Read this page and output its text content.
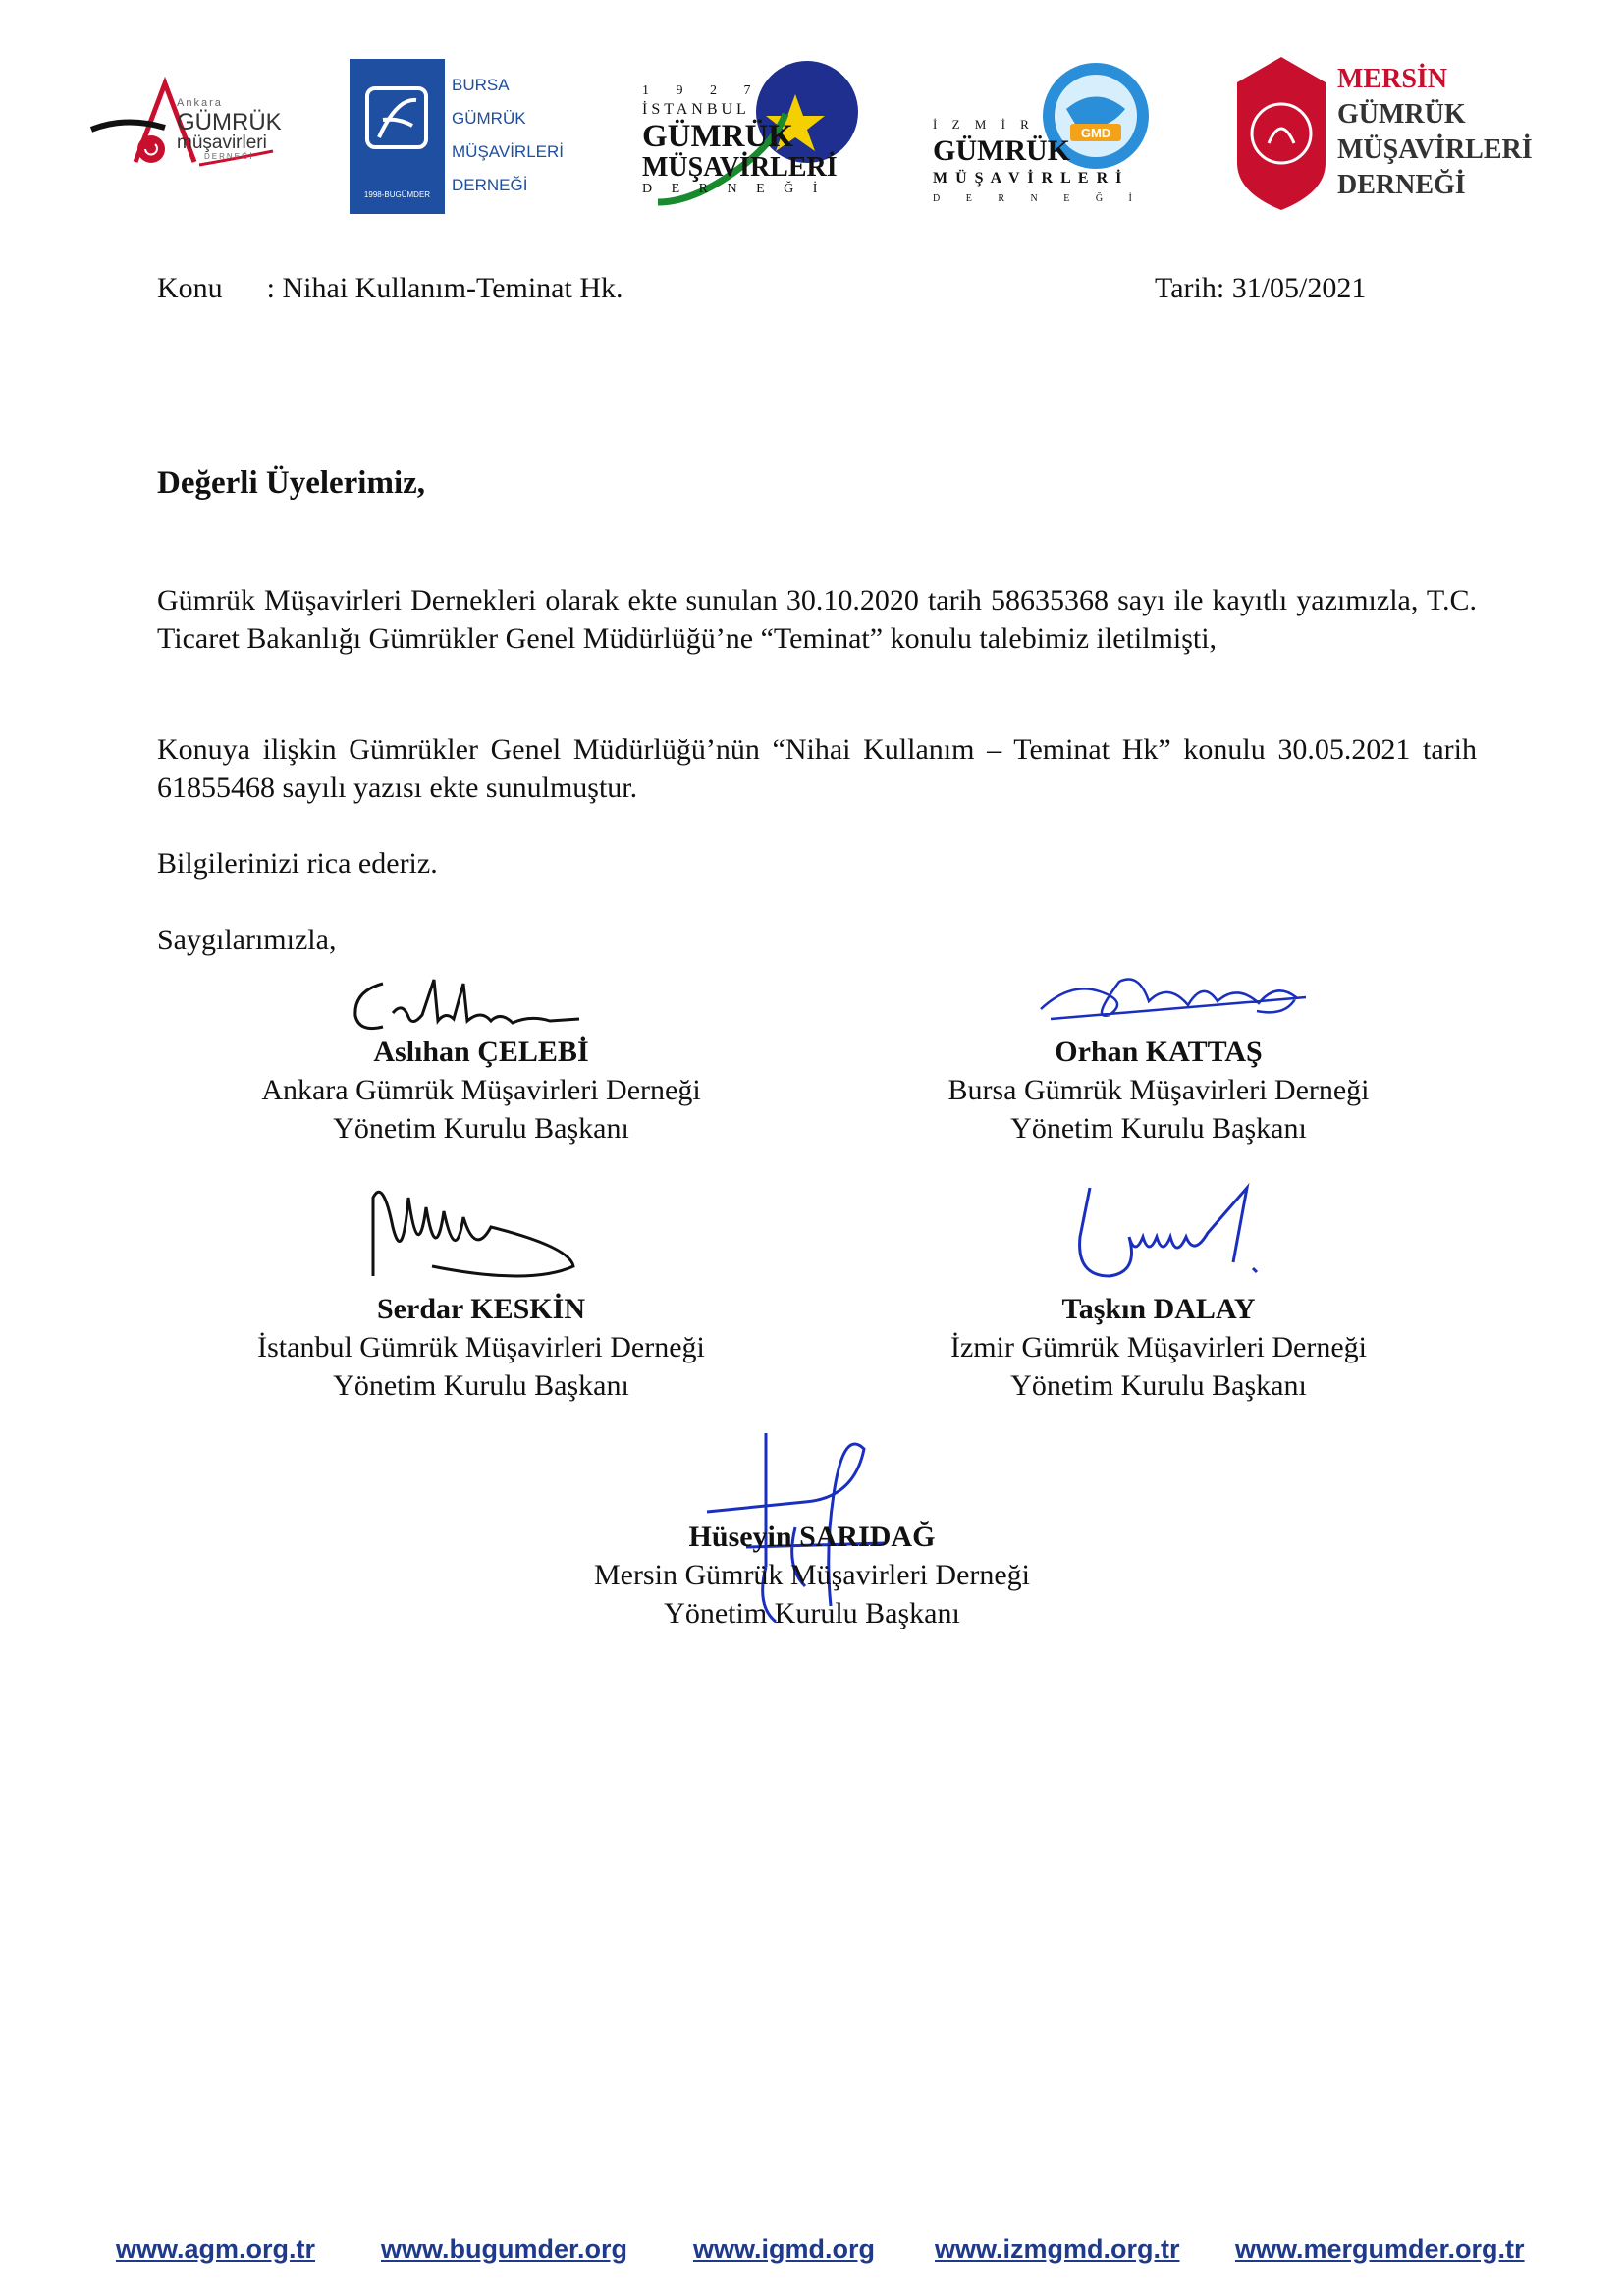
Ankara
GÜMRÜK
müşavirleri
DERNEĞİ
1998-BUGÜMDER
BURSA
GÜMRÜK
MÜŞAVİRLERİ
DERNEĞİ
1 9 2 7
İSTANBUL
GÜMRÜK
MÜŞAVİRLERİ
D E R N E Ğ İ
GMD
İ Z M İ R
GÜMRÜK
M Ü Ş A V İ R L E R İ
D E R N E Ğ İ
MERSİN
GÜMRÜK
MÜŞAVİRLERİ
DERNEĞİ
Konu : Nihai Kullanım-Teminat Hk.	Tarih: 31/05/2021
Değerli Üyelerimiz,
Gümrük Müşavirleri Dernekleri olarak ekte sunulan 30.10.2020 tarih 58635368 sayı ile kayıtlı yazımızla, T.C. Ticaret Bakanlığı Gümrükler Genel Müdürlüğü’ne “Teminat” konulu talebimiz iletilmişti,
Konuya ilişkin Gümrükler Genel Müdürlüğü’nün “Nihai Kullanım – Teminat Hk” konulu 30.05.2021 tarih 61855468 sayılı yazısı ekte sunulmuştur.
Bilgilerinizi rica ederiz.
Saygılarımızla,
Aslıhan ÇELEBİ
Ankara Gümrük Müşavirleri Derneği
Yönetim Kurulu Başkanı
Orhan KATTAŞ
Bursa Gümrük Müşavirleri Derneği
Yönetim Kurulu Başkanı
Serdar KESKİN
İstanbul Gümrük Müşavirleri Derneği
Yönetim Kurulu Başkanı
Taşkın DALAY
İzmir Gümrük Müşavirleri Derneği
Yönetim Kurulu Başkanı
Hüseyin SARIDAĞ
Mersin Gümrük Müşavirleri Derneği
Yönetim Kurulu Başkanı
www.agm.org.tr www.bugumder.org www.igmd.org www.izmgmd.org.tr www.mergumder.org.tr
